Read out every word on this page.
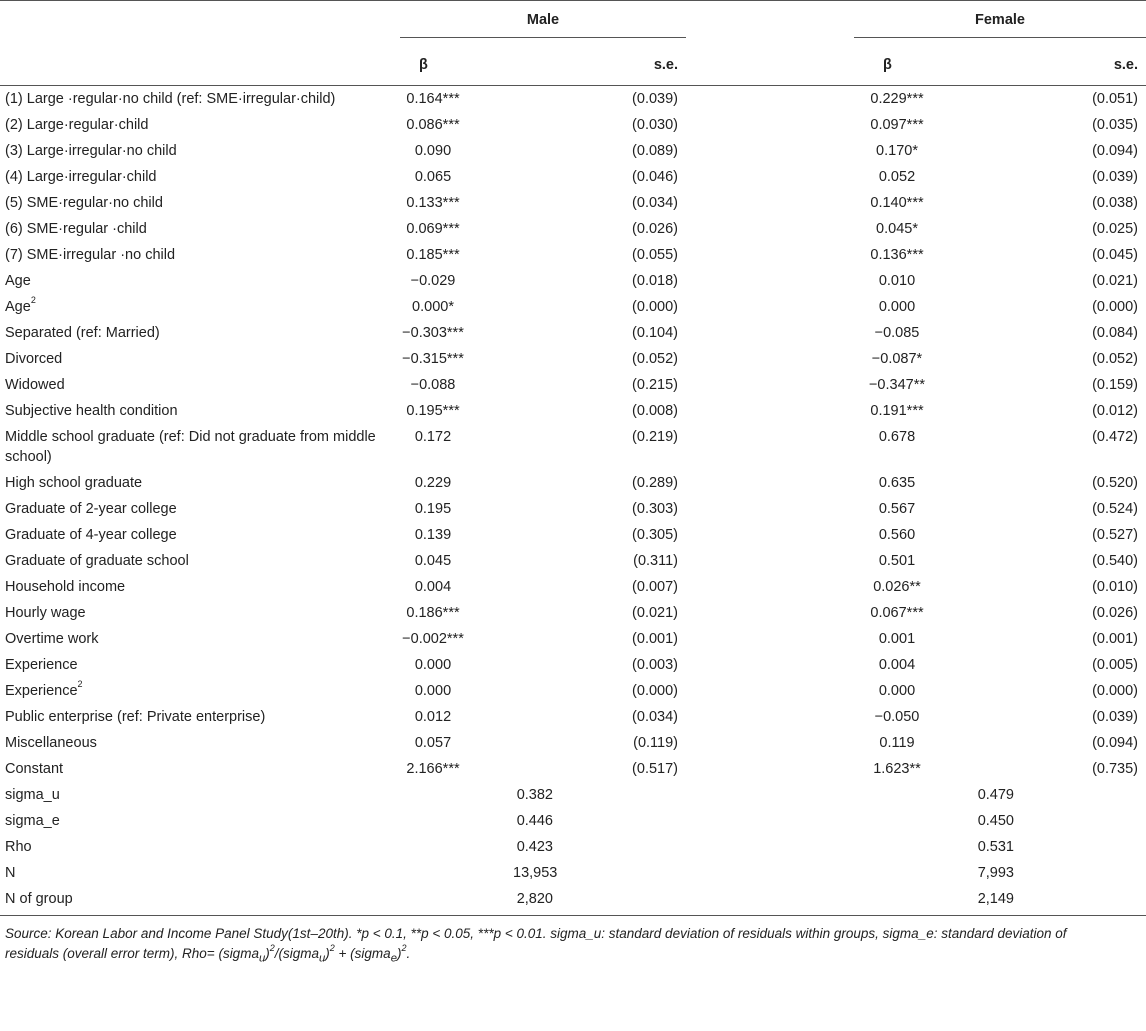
	Male			Female	

	β	s.e.		β	s.e.
(1) Large ·regular·no child (ref: SME·irregular·child)	0.164***	(0.039)		0.229***	(0.051)
(2) Large·regular·child	0.086***	(0.030)		0.097***	(0.035)
(3) Large·irregular·no child	0.090	(0.089)		0.170*	(0.094)
(4) Large·irregular·child	0.065	(0.046)		0.052	(0.039)
(5) SME·regular·no child	0.133***	(0.034)		0.140***	(0.038)
(6) SME·regular ·child	0.069***	(0.026)		0.045*	(0.025)
(7) SME·irregular ·no child	0.185***	(0.055)		0.136***	(0.045)
Age	−0.029	(0.018)		0.010	(0.021)
Age$^2$	0.000*	(0.000)		0.000	(0.000)
Separated (ref: Married)	−0.303***	(0.104)		−0.085	(0.084)
Divorced	−0.315***	(0.052)		−0.087*	(0.052)
Widowed	−0.088	(0.215)		−0.347**	(0.159)
Subjective health condition	0.195***	(0.008)		0.191***	(0.012)
Middle school graduate (ref: Did not graduate from middle school)	0.172	(0.219)		0.678	(0.472)
High school graduate	0.229	(0.289)		0.635	(0.520)
Graduate of 2-year college	0.195	(0.303)		0.567	(0.524)
Graduate of 4-year college	0.139	(0.305)		0.560	(0.527)
Graduate of graduate school	0.045	(0.311)		0.501	(0.540)
Household income	0.004	(0.007)		0.026**	(0.010)
Hourly wage	0.186***	(0.021)		0.067***	(0.026)
Overtime work	−0.002***	(0.001)		0.001	(0.001)
Experience	0.000	(0.003)		0.004	(0.005)
Experience$^2$	0.000	(0.000)		0.000	(0.000)
Public enterprise (ref: Private enterprise)	0.012	(0.034)		−0.050	(0.039)
Miscellaneous	0.057	(0.119)		0.119	(0.094)
Constant	2.166***	(0.517)		1.623**	(0.735)
sigma_u	0.382			0.479	
sigma_e	0.446			0.450	
Rho	0.423			0.531	
N	13,953			7,993	
N of group	2,820			2,149	
Source: Korean Labor and Income Panel Study(1st–20th). *p < 0.1, **p < 0.05, ***p < 0.01. sigma_u: standard deviation of residuals within groups, sigma_e: standard deviation of
residuals (overall error term), Rho= (sigma$_u$)$^2$/(sigma$_u$)$^2$ + (sigma$_e$)$^2$.
